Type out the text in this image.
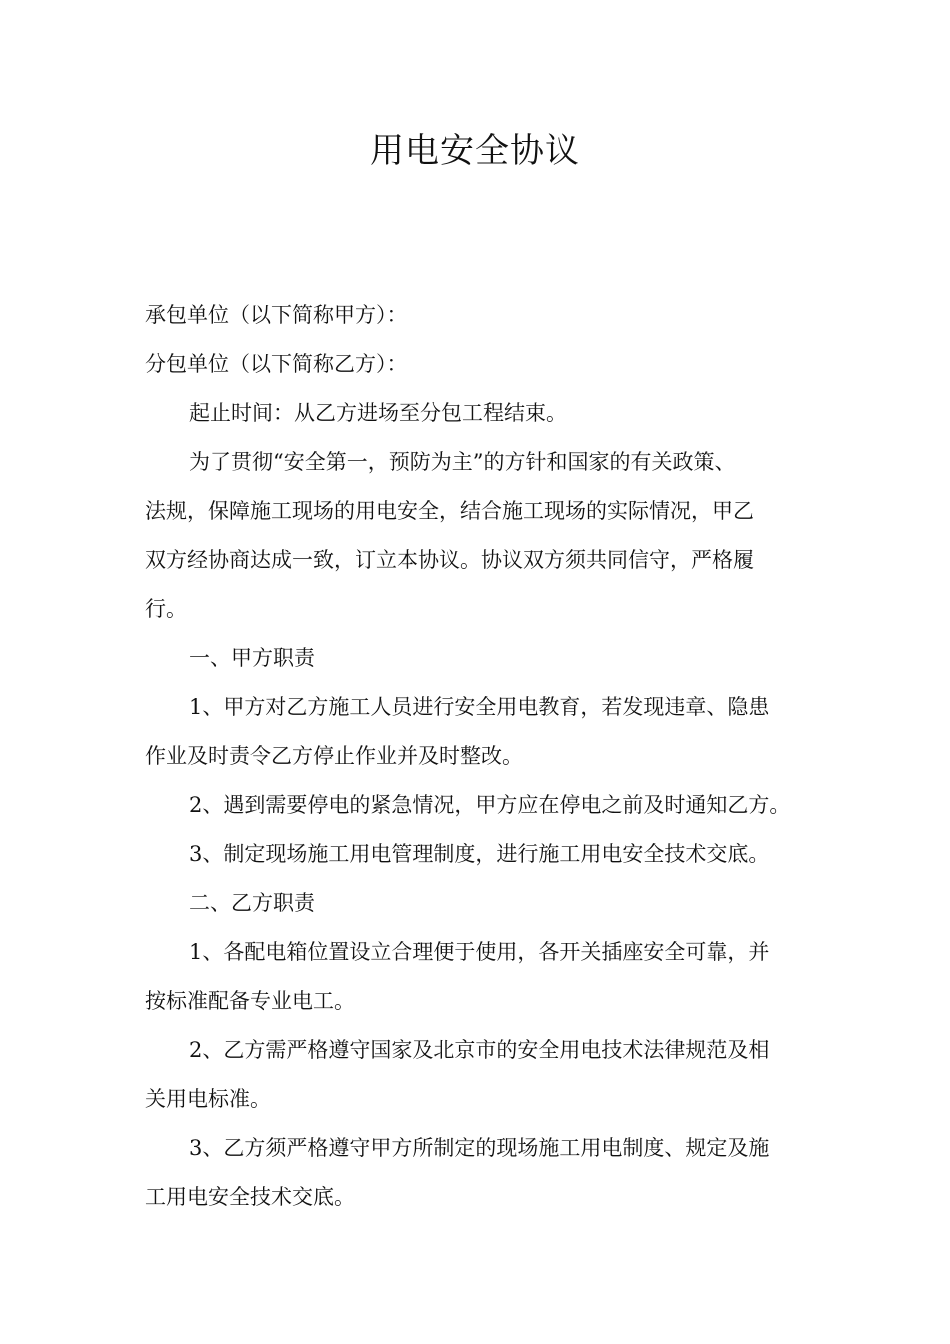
用电安全协议

承包单位（以下简称甲方）：

分包单位（以下简称乙方）：

起止时间：从乙方进场至分包工程结束。

为了贯彻“安全第一，预防为主”的方针和国家的有关政策、

法规，保障施工现场的用电安全，结合施工现场的实际情况，甲乙

双方经协商达成一致，订立本协议。协议双方须共同信守，严格履

行。

一、甲方职责

1、甲方对乙方施工人员进行安全用电教育，若发现违章、隐患

作业及时责令乙方停止作业并及时整改。

2、遇到需要停电的紧急情况，甲方应在停电之前及时通知乙方。

3、制定现场施工用电管理制度，进行施工用电安全技术交底。

二、乙方职责

1、各配电箱位置设立合理便于使用，各开关插座安全可靠，并

按标准配备专业电工。

2、乙方需严格遵守国家及北京市的安全用电技术法律规范及相

关用电标准。

3、乙方须严格遵守甲方所制定的现场施工用电制度、规定及施

工用电安全技术交底。
